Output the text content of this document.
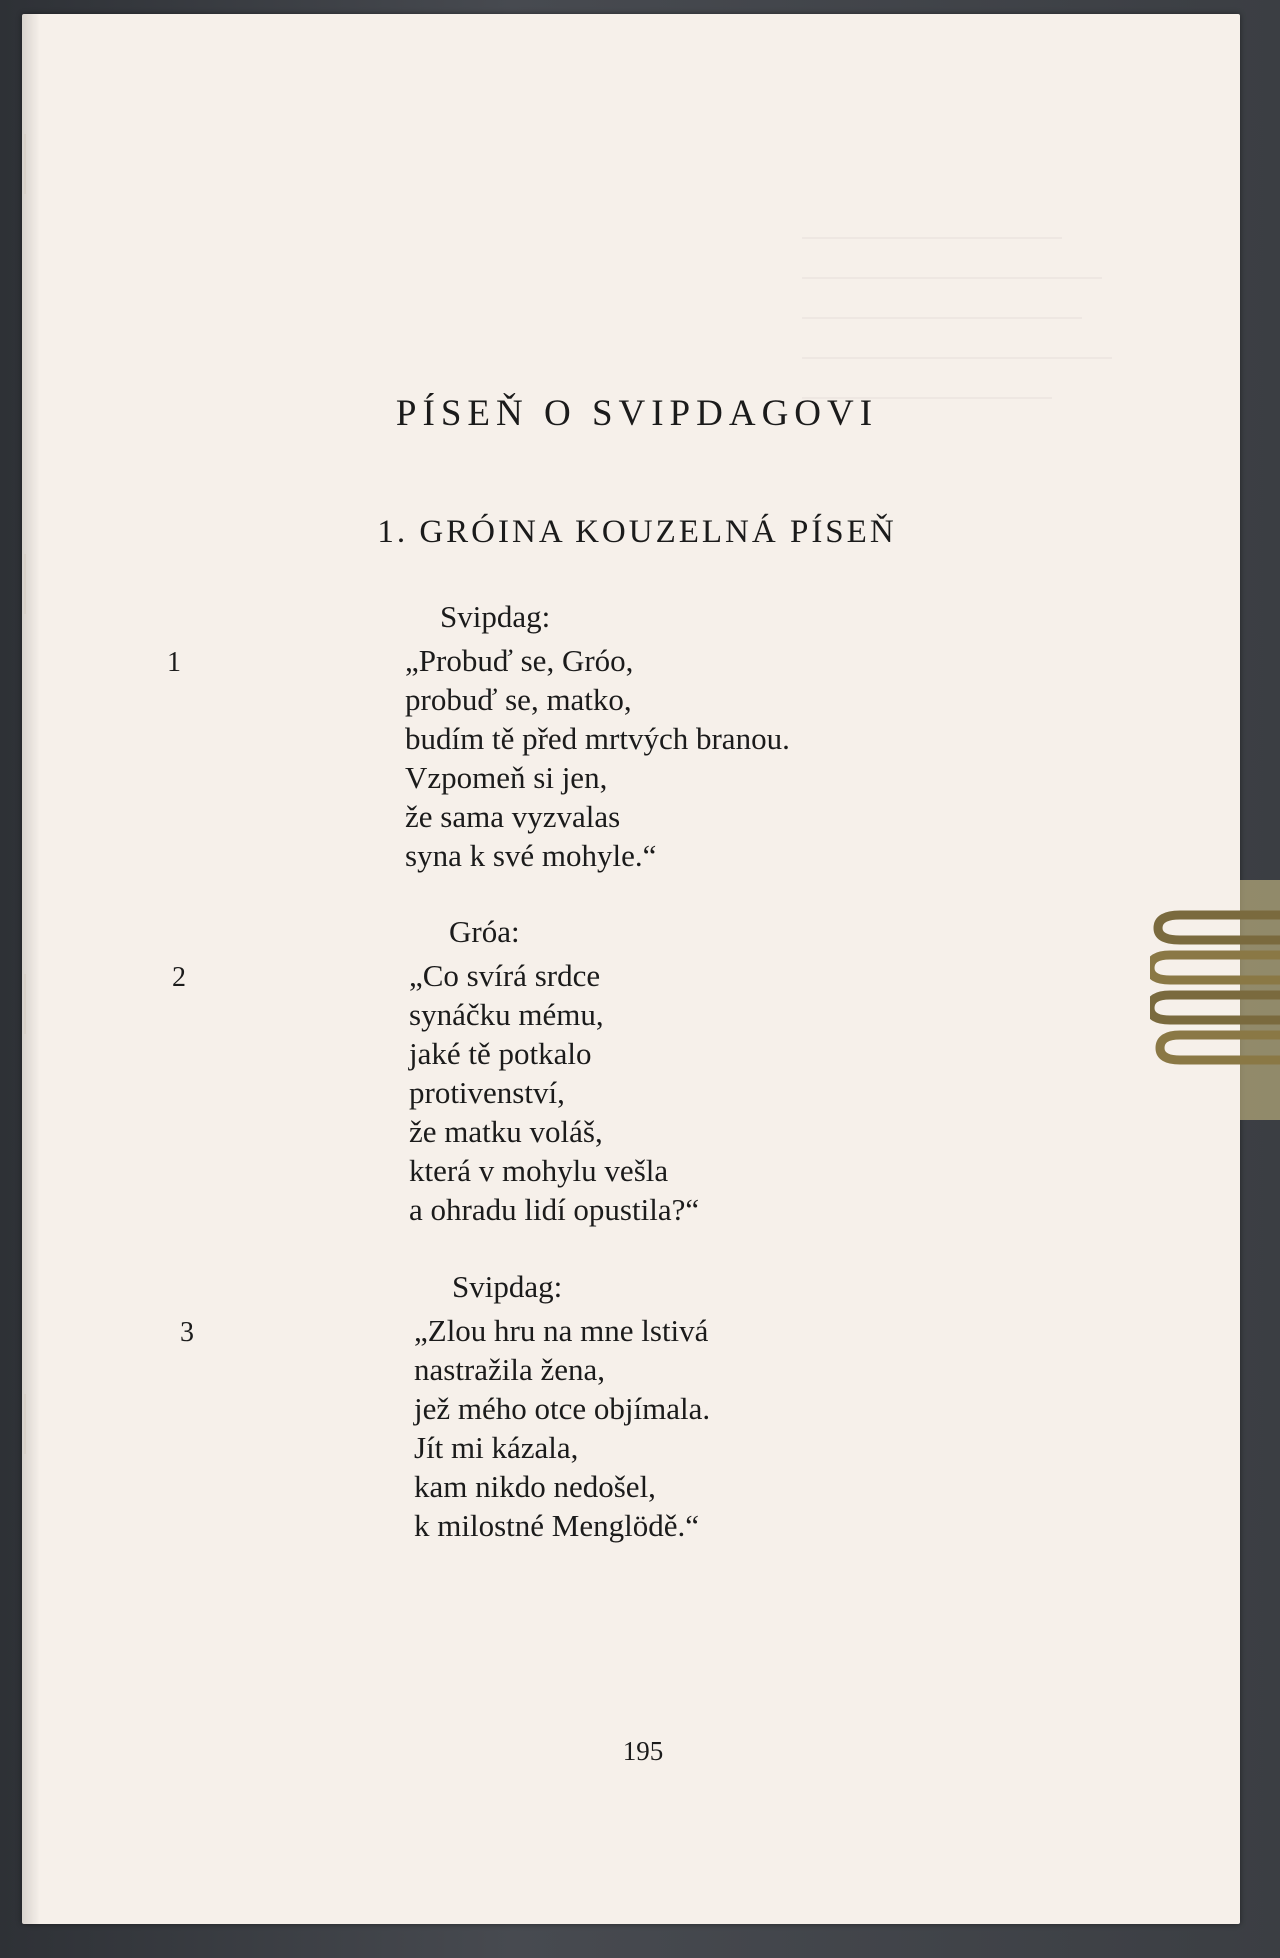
PÍSEŇ O SVIPDAGOVI
1. GRÓINA KOUZELNÁ PÍSEŇ
Svipdag:
1	„Probuď se, Gróo,
probuď se, matko,
budím tě před mrtvých branou.
Vzpomeň si jen,
že sama vyzvalas
syna k své mohyle.“
Gróa:
2	„Co svírá srdce
synáčku mému,
jaké tě potkalo
protivenství,
že matku voláš,
která v mohylu vešla
a ohradu lidí opustila?“
Svipdag:
3	„Zlou hru na mne lstivá
nastražila žena,
jež mého otce objímala.
Jít mi kázala,
kam nikdo nedošel,
k milostné Menglödě.“
195
